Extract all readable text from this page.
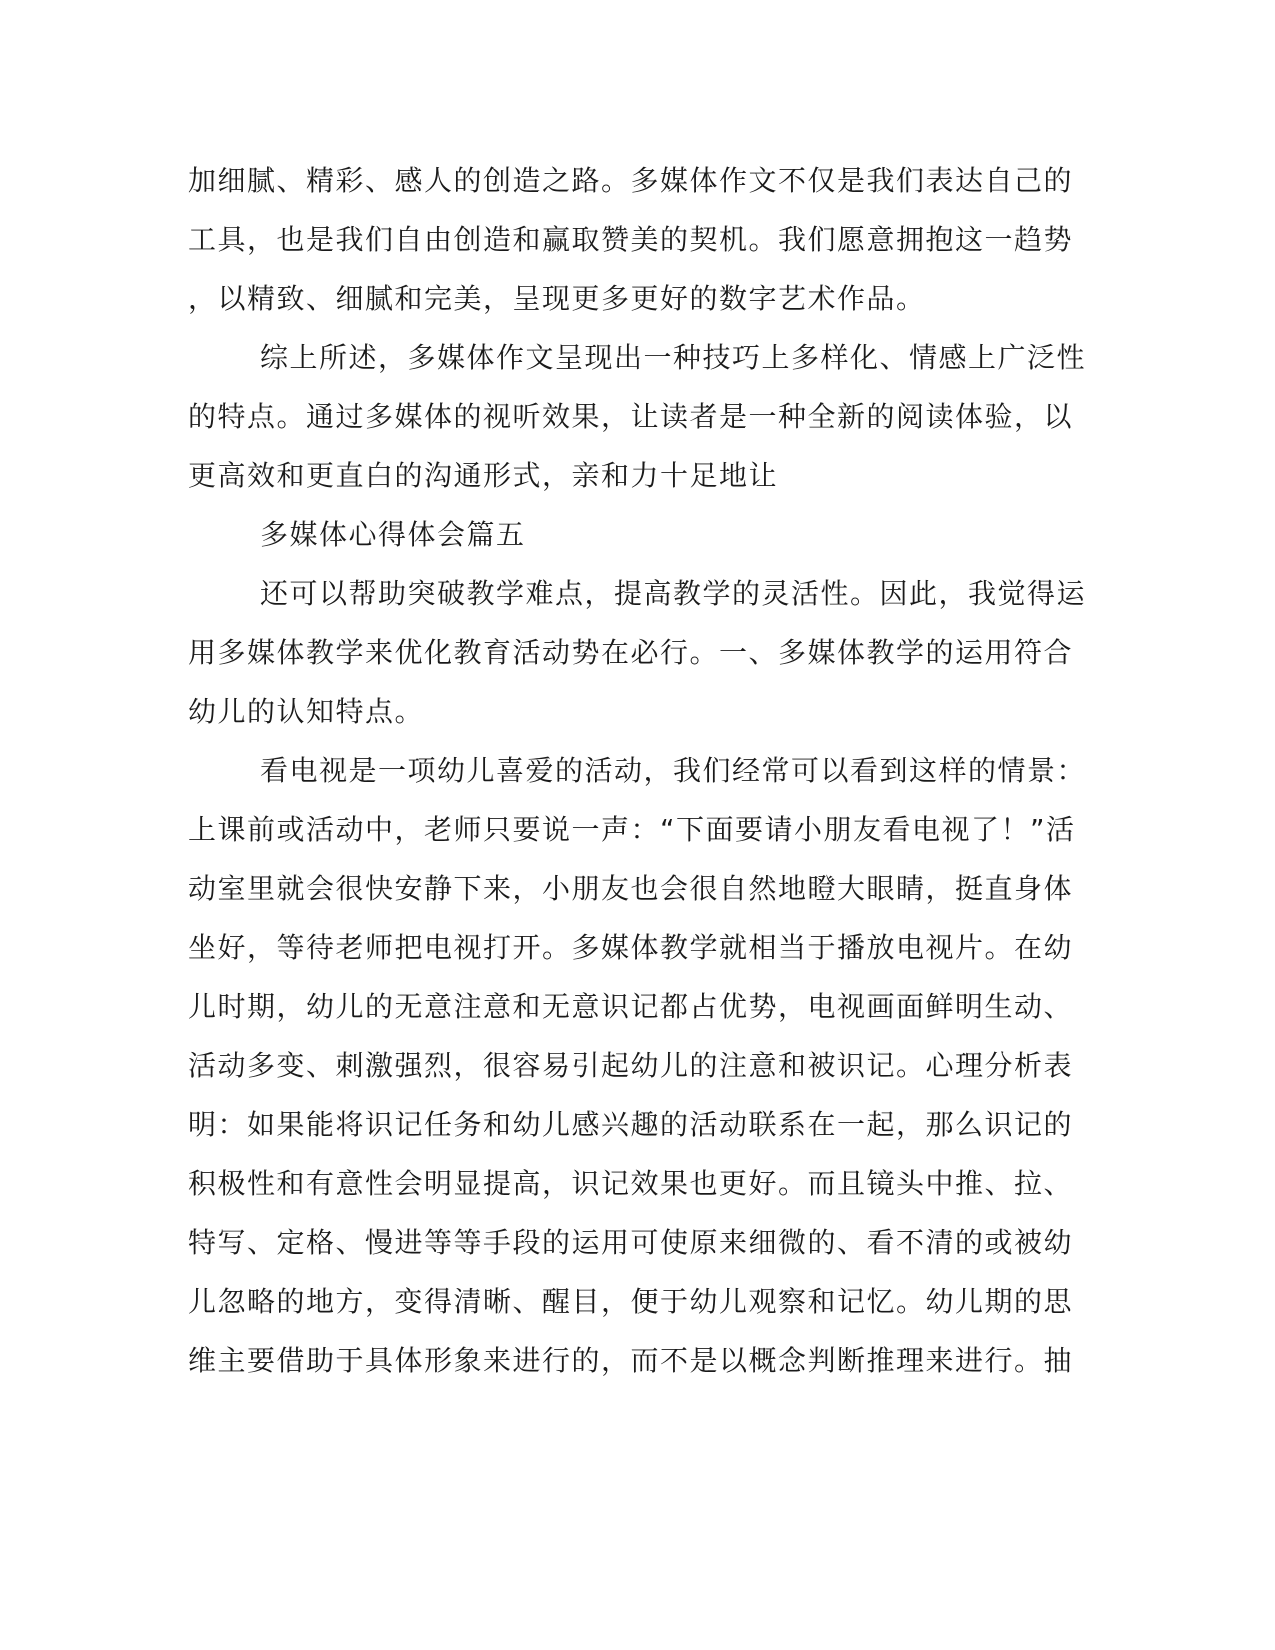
加细腻、精彩、感人的创造之路。多媒体作文不仅是我们表达自己的

工具，也是我们自由创造和赢取赞美的契机。我们愿意拥抱这一趋势

，以精致、细腻和完美，呈现更多更好的数字艺术作品。

综上所述，多媒体作文呈现出一种技巧上多样化、情感上广泛性

的特点。通过多媒体的视听效果，让读者是一种全新的阅读体验，以

更高效和更直白的沟通形式，亲和力十足地让

多媒体心得体会篇五

还可以帮助突破教学难点，提高教学的灵活性。因此，我觉得运

用多媒体教学来优化教育活动势在必行。一、多媒体教学的运用符合

幼儿的认知特点。

看电视是一项幼儿喜爱的活动，我们经常可以看到这样的情景：

上课前或活动中，老师只要说一声：“下面要请小朋友看电视了！”活

动室里就会很快安静下来，小朋友也会很自然地瞪大眼睛，挺直身体

坐好，等待老师把电视打开。多媒体教学就相当于播放电视片。在幼

儿时期，幼儿的无意注意和无意识记都占优势，电视画面鲜明生动、

活动多变、刺激强烈，很容易引起幼儿的注意和被识记。心理分析表

明：如果能将识记任务和幼儿感兴趣的活动联系在一起，那么识记的

积极性和有意性会明显提高，识记效果也更好。而且镜头中推、拉、

特写、定格、慢进等等手段的运用可使原来细微的、看不清的或被幼

儿忽略的地方，变得清晰、醒目，便于幼儿观察和记忆。幼儿期的思

维主要借助于具体形象来进行的，而不是以概念判断推理来进行。抽
